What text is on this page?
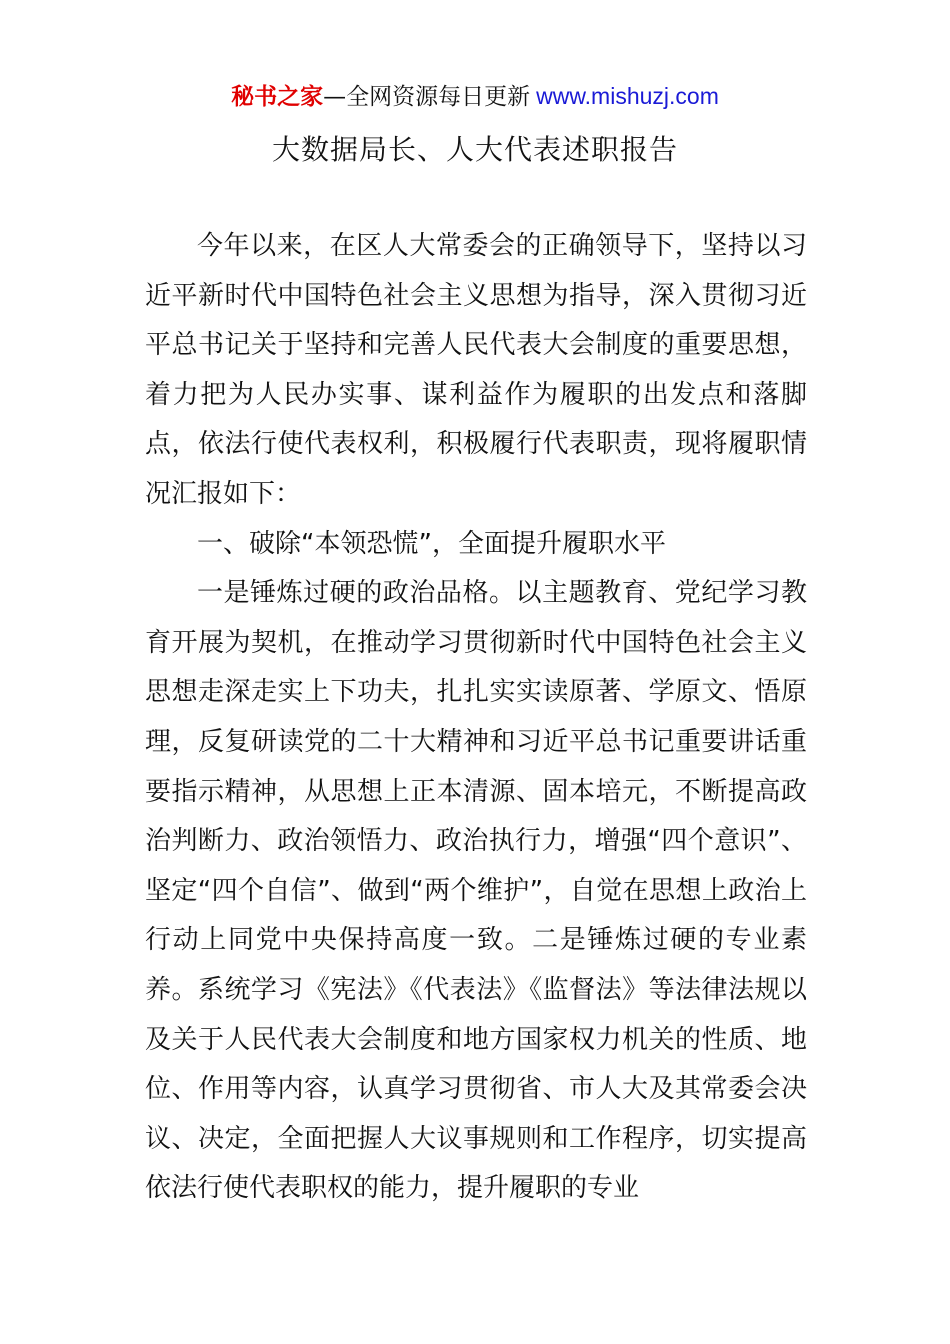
秘书之家—全网资源每日更新 www.mishuzj.com
大数据局长、人大代表述职报告

今年以来，在区人大常委会的正确领导下，坚持以习近平新时代中国特色社会主义思想为指导，深入贯彻习近平总书记关于坚持和完善人民代表大会制度的重要思想，着力把为人民办实事、谋利益作为履职的出发点和落脚点，依法行使代表权利，积极履行代表职责，现将履职情况汇报如下：

一、破除“本领恐慌”，全面提升履职水平

一是锤炼过硬的政治品格。以主题教育、党纪学习教育开展为契机，在推动学习贯彻新时代中国特色社会主义思想走深走实上下功夫，扎扎实实读原著、学原文、悟原理，反复研读党的二十大精神和习近平总书记重要讲话重要指示精神，从思想上正本清源、固本培元，不断提高政治判断力、政治领悟力、政治执行力，增强“四个意识”、坚定“四个自信”、做到“两个维护”，自觉在思想上政治上行动上同党中央保持高度一致。二是锤炼过硬的专业素养。系统学习《宪法》《代表法》《监督法》等法律法规以及关于人民代表大会制度和地方国家权力机关的性质、地位、作用等内容，认真学习贯彻省、市人大及其常委会决议、决定，全面把握人大议事规则和工作程序，切实提高依法行使代表职权的能力，提升履职的专业
